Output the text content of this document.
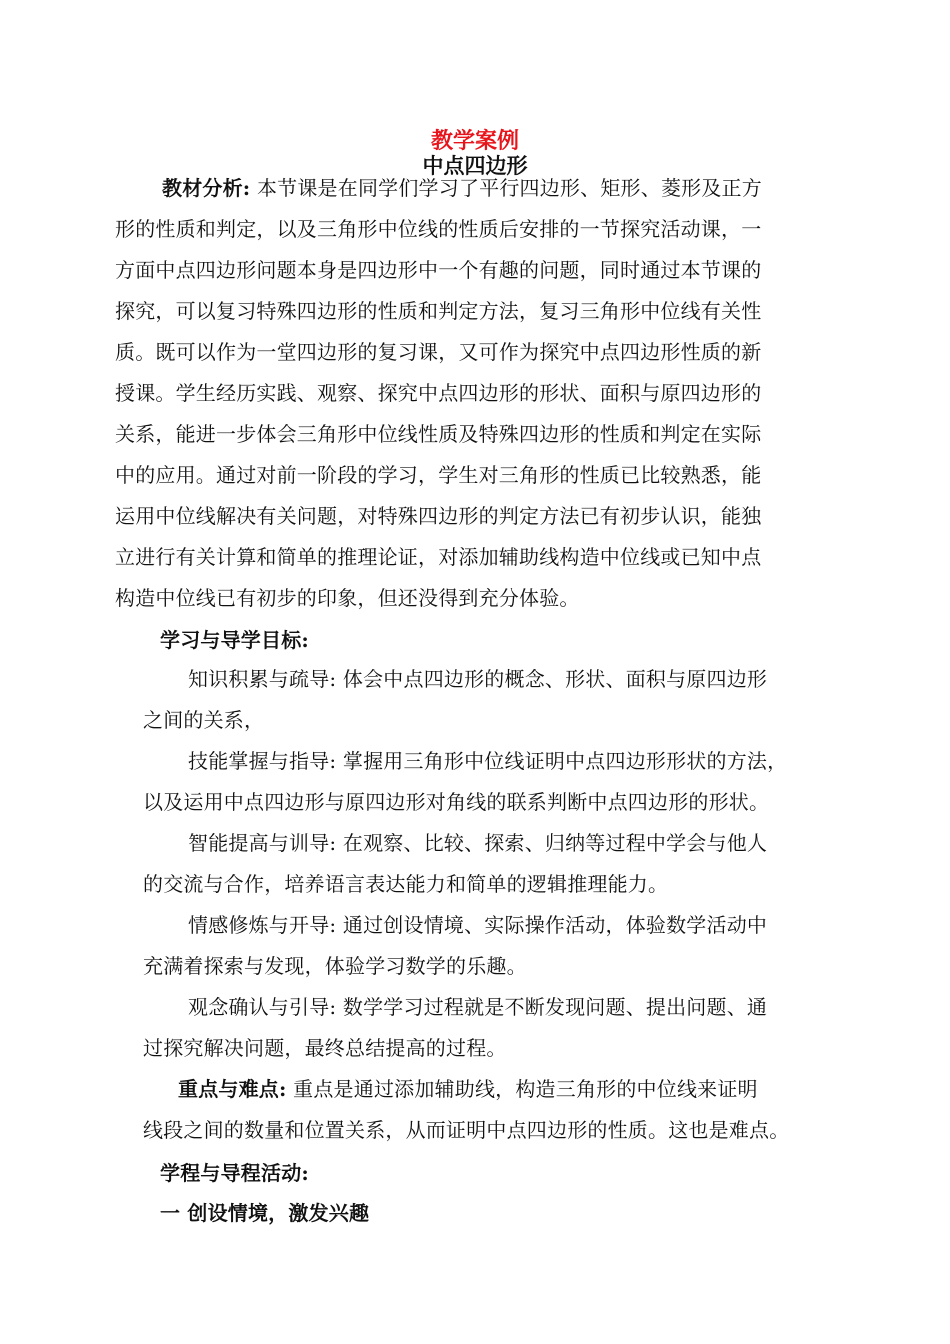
教学案例
中点四边形
教材分析: 本节课是在同学们学习了平行四边形、矩形、菱形及正方
形的性质和判定，以及三角形中位线的性质后安排的一节探究活动课，一
方面中点四边形问题本身是四边形中一个有趣的问题，同时通过本节课的
探究，可以复习特殊四边形的性质和判定方法，复习三角形中位线有关性
质。既可以作为一堂四边形的复习课，又可作为探究中点四边形性质的新
授课。学生经历实践、观察、探究中点四边形的形状、面积与原四边形的
关系，能进一步体会三角形中位线性质及特殊四边形的性质和判定在实际
中的应用。通过对前一阶段的学习，学生对三角形的性质已比较熟悉，能
运用中位线解决有关问题，对特殊四边形的判定方法已有初步认识，能独
立进行有关计算和简单的推理论证，对添加辅助线构造中位线或已知中点
构造中位线已有初步的印象，但还没得到充分体验。
学习与导学目标:
知识积累与疏导: 体会中点四边形的概念、形状、面积与原四边形
之间的关系，
技能掌握与指导: 掌握用三角形中位线证明中点四边形形状的方法，
以及运用中点四边形与原四边形对角线的联系判断中点四边形的形状。
智能提高与训导: 在观察、比较、探索、归纳等过程中学会与他人
的交流与合作，培养语言表达能力和简单的逻辑推理能力。
情感修炼与开导: 通过创设情境、实际操作活动，体验数学活动中
充满着探索与发现，体验学习数学的乐趣。
观念确认与引导: 数学学习过程就是不断发现问题、提出问题、通
过探究解决问题，最终总结提高的过程。
重点与难点: 重点是通过添加辅助线，构造三角形的中位线来证明
线段之间的数量和位置关系，从而证明中点四边形的性质。这也是难点。
学程与导程活动:
一 创设情境，激发兴趣
